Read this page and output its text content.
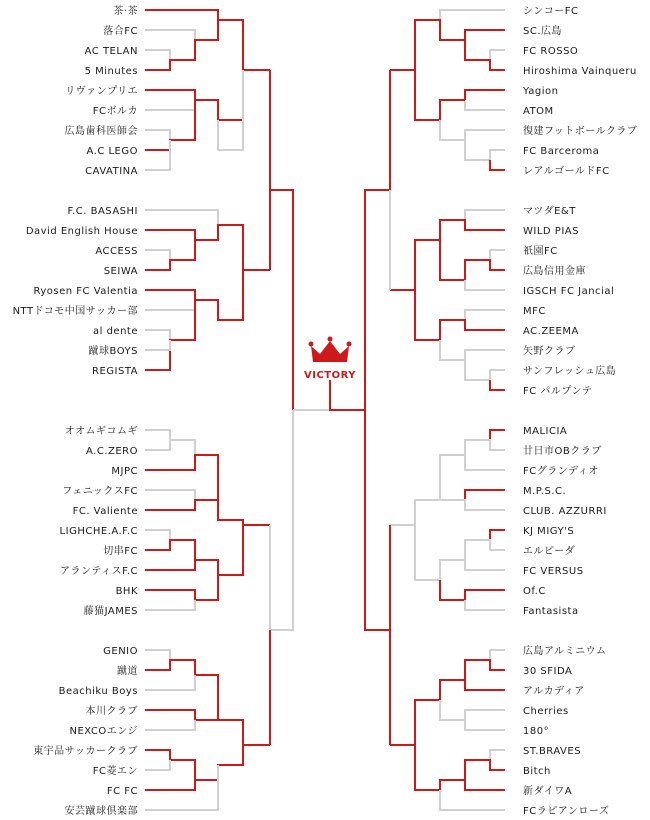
VICTORY
茶·茶
落合FC
AC TELAN
5 Minutes
リヴァンプリエ
FCボルカ
広島歯科医師会
A.C LEGO
CAVATINA
F.C. BASASHI
David English House
ACCESS
SEIWA
Ryosen FC Valentia
NTTドコモ中国サッカー部
al dente
蹴球BOYS
REGISTA
オオムギコムギ
A.C.ZERO
MJPC
フェニックスFC
FC. Valiente
LIGHCHE.A.F.C
切串FC
アランティスF.C
BHK
藤猫JAMES
GENIO
蹴道
Beachiku Boys
本川クラブ
NEXCOエンジ
東宇品サッカークラブ
FC菱エン
FC FC
安芸蹴球倶楽部
シンコーFC
SC.広島
FC ROSSO
Hiroshima Vainqueru
Yagion
ATOM
復建フットボールクラブ
FC Barceroma
レアルゴールドFC
マツダE&T
WILD PIAS
祇園FC
広島信用金庫
IGSCH FC Jancial
MFC
AC.ZEEMA
矢野クラブ
サンフレッシュ広島
FC パルプンテ
MALICIA
廿日市OBクラブ
FCグランディオ
M.P.S.C.
CLUB. AZZURRI
KJ MIGY'S
エルピーダ
FC VERSUS
Of.C
Fantasista
広島アルミニウム
30 SFIDA
アルカディア
Cherries
180°
ST.BRAVES
Bitch
新ダイワA
FCラピアンローズ
